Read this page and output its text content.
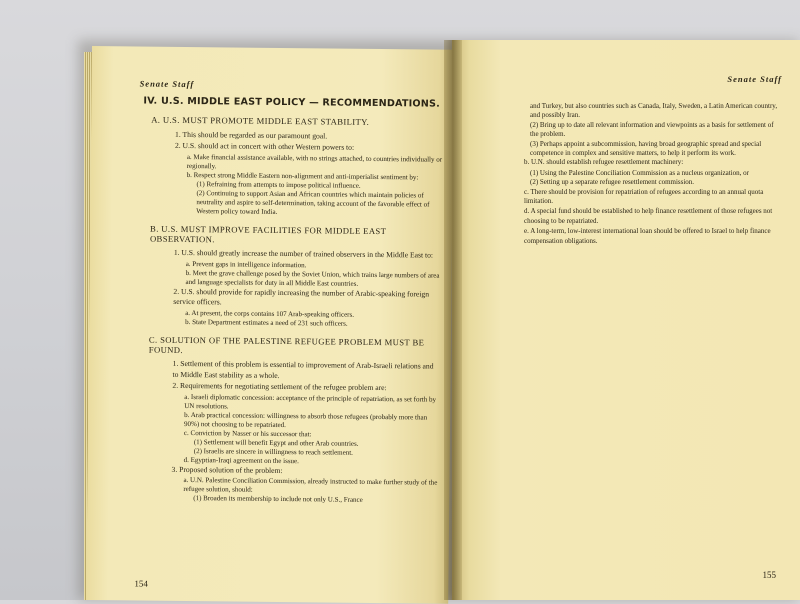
Senate Staff
IV. U.S. MIDDLE EAST POLICY — RECOMMENDATIONS.
A. U.S. MUST PROMOTE MIDDLE EAST STABILITY.
1. This should be regarded as our paramount goal.
2. U.S. should act in concert with other Western powers to:
a. Make financial assistance available, with no strings attached, to countries individually or regionally.
b. Respect strong Middle Eastern non-alignment and anti-imperialist sentiment by:
(1) Refraining from attempts to impose political influence.
(2) Continuing to support Asian and African countries which maintain policies of neutrality and aspire to self-determination, taking account of the favorable effect of Western policy toward India.
B. U.S. MUST IMPROVE FACILITIES FOR MIDDLE EAST OBSERVATION.
1. U.S. should greatly increase the number of trained observers in the Middle East to:
a. Prevent gaps in intelligence information.
b. Meet the grave challenge posed by the Soviet Union, which trains large numbers of area and language specialists for duty in all Middle East countries.
2. U.S. should provide for rapidly increasing the number of Arabic-speaking foreign service officers.
a. At present, the corps contains 107 Arab-speaking officers.
b. State Department estimates a need of 231 such officers.
C. SOLUTION OF THE PALESTINE REFUGEE PROBLEM MUST BE FOUND.
1. Settlement of this problem is essential to improvement of Arab-Israeli relations and to Middle East stability as a whole.
2. Requirements for negotiating settlement of the refugee problem are:
a. Israeli diplomatic concession: acceptance of the principle of repatriation, as set forth by UN resolutions.
b. Arab practical concession: willingness to absorb those refugees (probably more than 90%) not choosing to be repatriated.
c. Conviction by Nasser or his successor that:
(1) Settlement will benefit Egypt and other Arab countries.
(2) Israelis are sincere in willingness to reach settlement.
d. Egyptian-Iraqi agreement on the issue.
3. Proposed solution of the problem:
a. U.N. Palestine Conciliation Commission, already instructed to make further study of the refugee solution, should:
(1) Broaden its membership to include not only U.S., France
154
Senate Staff
and Turkey, but also countries such as Canada, Italy, Sweden, a Latin American country, and possibly Iran.
(2) Bring up to date all relevant information and viewpoints as a basis for settlement of the problem.
(3) Perhaps appoint a subcommission, having broad geographic spread and special competence in complex and sensitive matters, to help it perform its work.
b. U.N. should establish refugee resettlement machinery:
(1) Using the Palestine Conciliation Commission as a nucleus organization, or
(2) Setting up a separate refugee resettlement commission.
c. There should be provision for repatriation of refugees according to an annual quota limitation.
d. A special fund should be established to help finance resettlement of those refugees not choosing to be repatriated.
e. A long-term, low-interest international loan should be offered to Israel to help finance compensation obligations.
155
